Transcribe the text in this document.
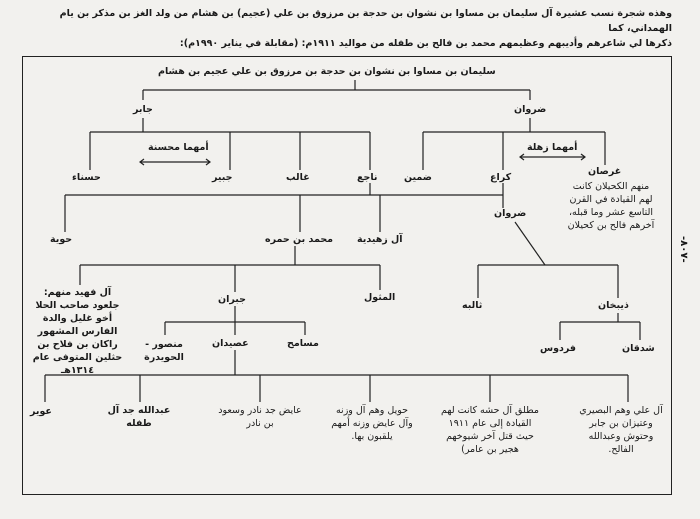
وهذه شجرة نسب عشيرة آل سليمان بن مساوا بن نشوان بن حدجة بن مرزوق بن علي (عجيم) بن هشام من ولد الغز بن مذكر بن يام الهمداني، كما
ذكرها لي شاعرهم وأديبهم وعظيمهم محمد بن فالح بن طفله من مواليد ١٩١١م: (مقابلة في يناير ١٩٩٠م):
سليمان بن مساوا بن نشوان بن حدجة بن مرزوق بن علي عجيم بن هشام
جابر	ضروان
أمهما محسنة	أمهما زهلة
حسناء	جبير	غالب	ناجع	ضمين	كراع
غرصان
منهم الكحيلان كانت لهم القيادة في القرن التاسع عشر وما قبله، آخرهم فالح بن كحيلان
حوية	محمد بن حمره	آل زهيدية
ضروان
آل فهيد منهم: جلعود صاحب الحلا أخو غليل والدة الفارس المشهور راكان بن فلاح بن حثلين المتوفى عام ١٣١٤هـ
جبران	المثول
ثالبه	ذيبخان
منصور - الحويدرة
عصيدان	مسامح	فردوس	شدقان
عوير	عبدالله جد آل طفله
عايض جد نادر وسعود بن نادر
حويل وهم آل وزنه وآل عايض وزنه أمهم يلقبون بها.
مطلق آل حشه كانت لهم القيادة إلى عام ١٩١١ حيث قتل آخر شيوخهم هجير بن عامر)
آل علي وهم البصيري وعتيزان بن جابر وحتوش وعبدالله الفالح.
-٨٠٧-
